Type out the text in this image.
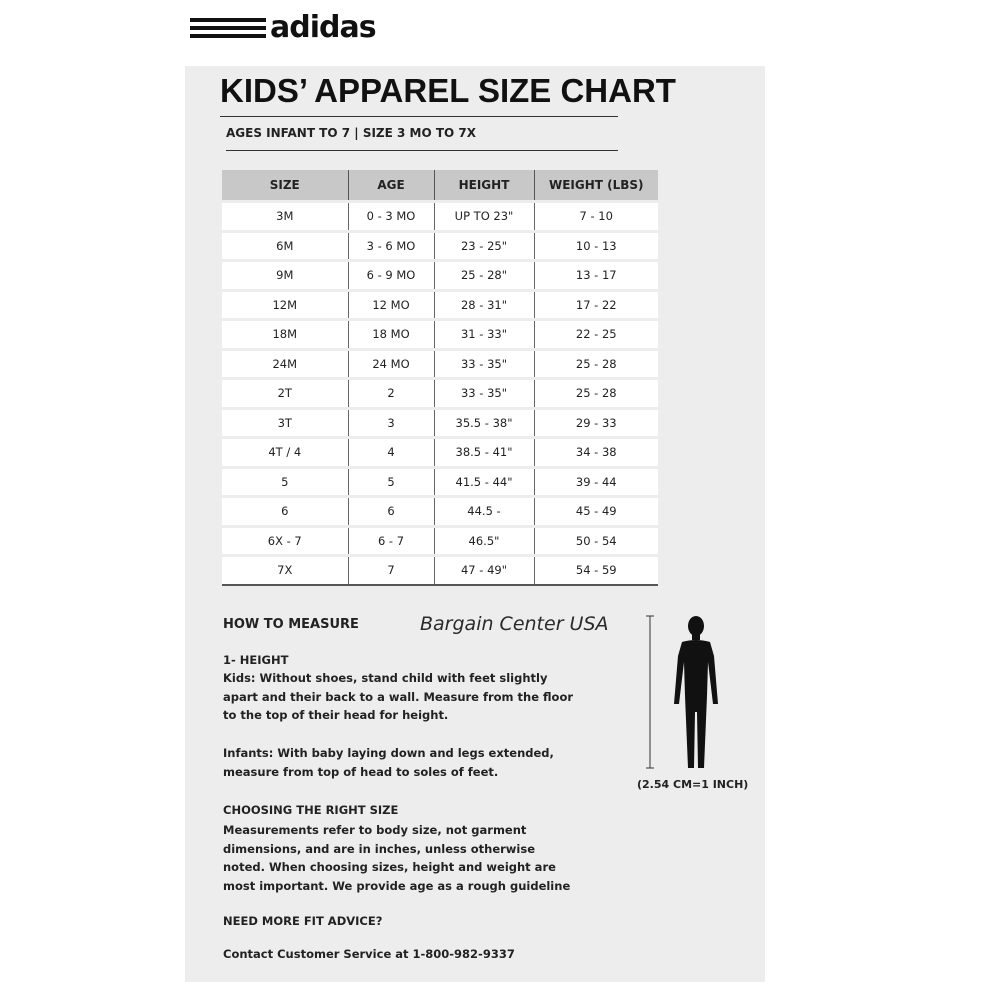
adidas
KIDS’ APPAREL SIZE CHART
AGES INFANT TO 7 | SIZE 3 MO TO 7X
SIZE	AGE	HEIGHT	WEIGHT (LBS)
3M	0 - 3 MO	UP TO 23"	7 - 10
6M	3 - 6 MO	23 - 25"	10 - 13
9M	6 - 9 MO	25 - 28"	13 - 17
12M	12 MO	28 - 31"	17 - 22
18M	18 MO	31 - 33"	22 - 25
24M	24 MO	33 - 35"	25 - 28
2T	2	33 - 35"	25 - 28
3T	3	35.5 - 38"	29 - 33
4T / 4	4	38.5 - 41"	34 - 38
5	5	41.5 - 44"	39 - 44
6	6	44.5 -	45 - 49
6X - 7	6 - 7	46.5"	50 - 54
7X	7	47 - 49"	54 - 59
HOW TO MEASURE	Bargain Center USA
1- HEIGHT
Kids: Without shoes, stand child with feet slightly
apart and their back to a wall. Measure from the floor
to the top of their head for height.
Infants: With baby laying down and legs extended,
measure from top of head to soles of feet.
CHOOSING THE RIGHT SIZE
Measurements refer to body size, not garment
dimensions, and are in inches, unless otherwise
noted. When choosing sizes, height and weight are
most important. We provide age as a rough guideline
NEED MORE FIT ADVICE?
Contact Customer Service at 1-800-982-9337
(2.54 CM=1 INCH)
